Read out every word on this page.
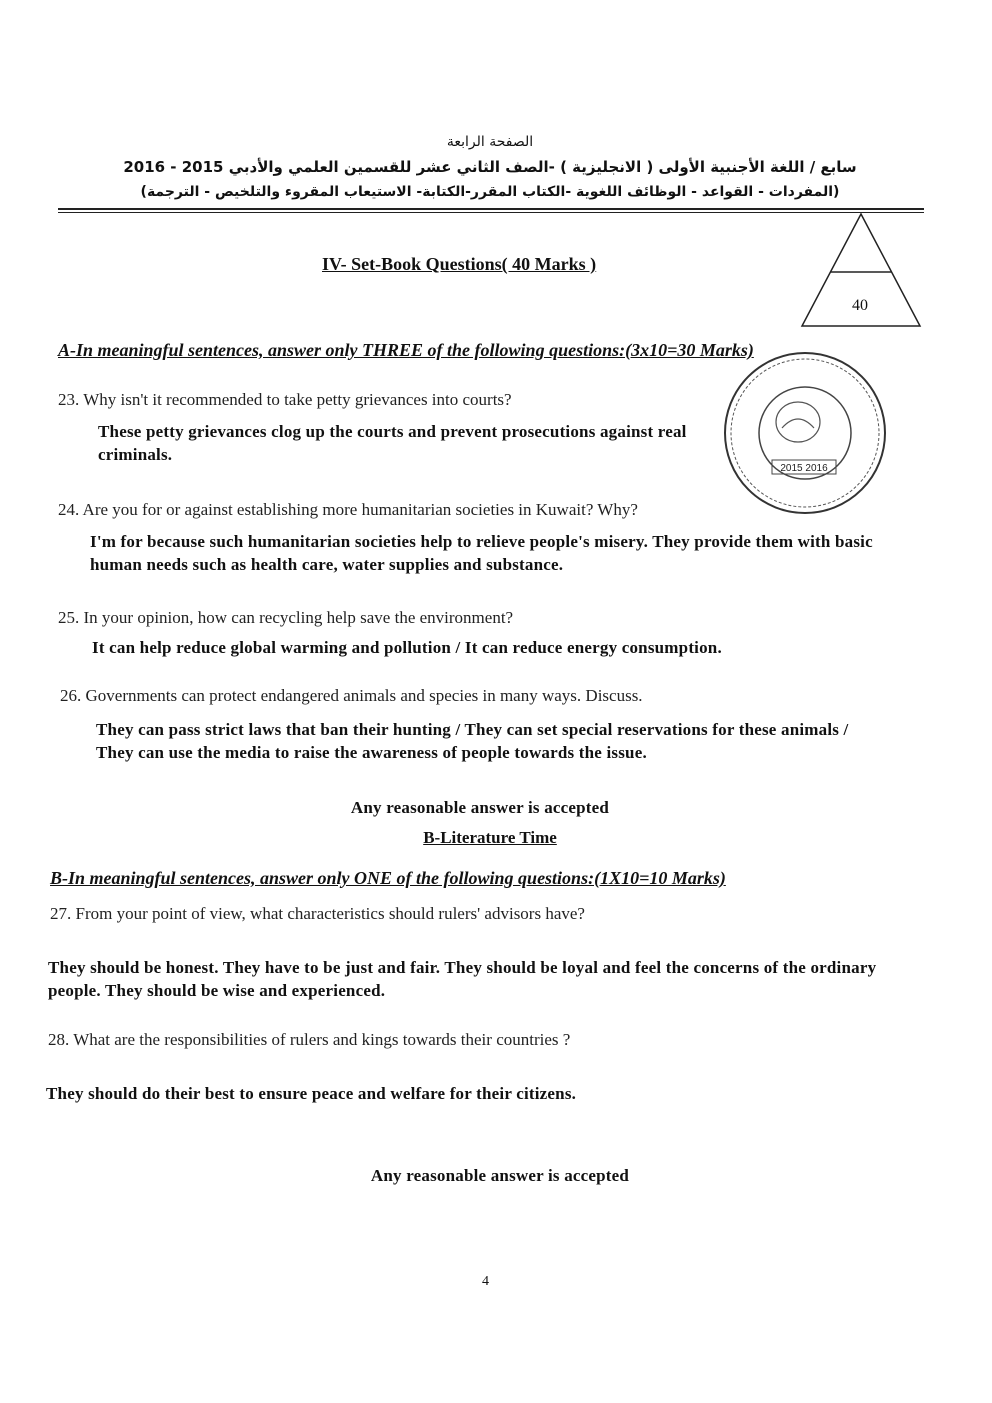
الصفحة الرابعة
سابع / اللغة الأجنبية الأولى ( الانجليزية ) -الصف الثاني عشر للقسمين العلمي والأدبي 2015 - 2016
(المفردات - القواعد - الوظائف اللغوية -الكتاب المقرر-الكتابة- الاستيعاب المقروء والتلخيص - الترجمة)
40
IV- Set-Book Questions( 40 Marks )
A-In meaningful sentences, answer only THREE of the following questions:(3x10=30 Marks)
23. Why isn't it recommended to take petty grievances into courts?
These petty grievances clog up the courts and prevent prosecutions against real criminals.
24. Are you for or against establishing more humanitarian societies in Kuwait? Why?
I'm for because such humanitarian societies help to relieve people's misery. They provide them with basic human needs such as health care, water supplies and substance.
25. In your opinion, how can recycling help save the environment?
It can help reduce global warming and pollution / It can reduce energy consumption.
26. Governments can protect endangered animals and species in many ways. Discuss.
They can pass strict laws that ban their hunting / They can set special reservations for these animals / They can use the media to raise the awareness of people towards the issue.
Any reasonable answer is accepted
B-Literature Time
B-In meaningful sentences, answer only ONE of the following questions:(1X10=10 Marks)
27. From your point of view, what characteristics should rulers' advisors have?
They should be honest. They have to be just and fair. They should be loyal and feel the concerns of the ordinary people. They should be wise and experienced.
28. What are the responsibilities of rulers and kings towards their countries ?
They should do their best to ensure peace and welfare for their citizens.
Any reasonable answer is accepted
2015 2016
4
